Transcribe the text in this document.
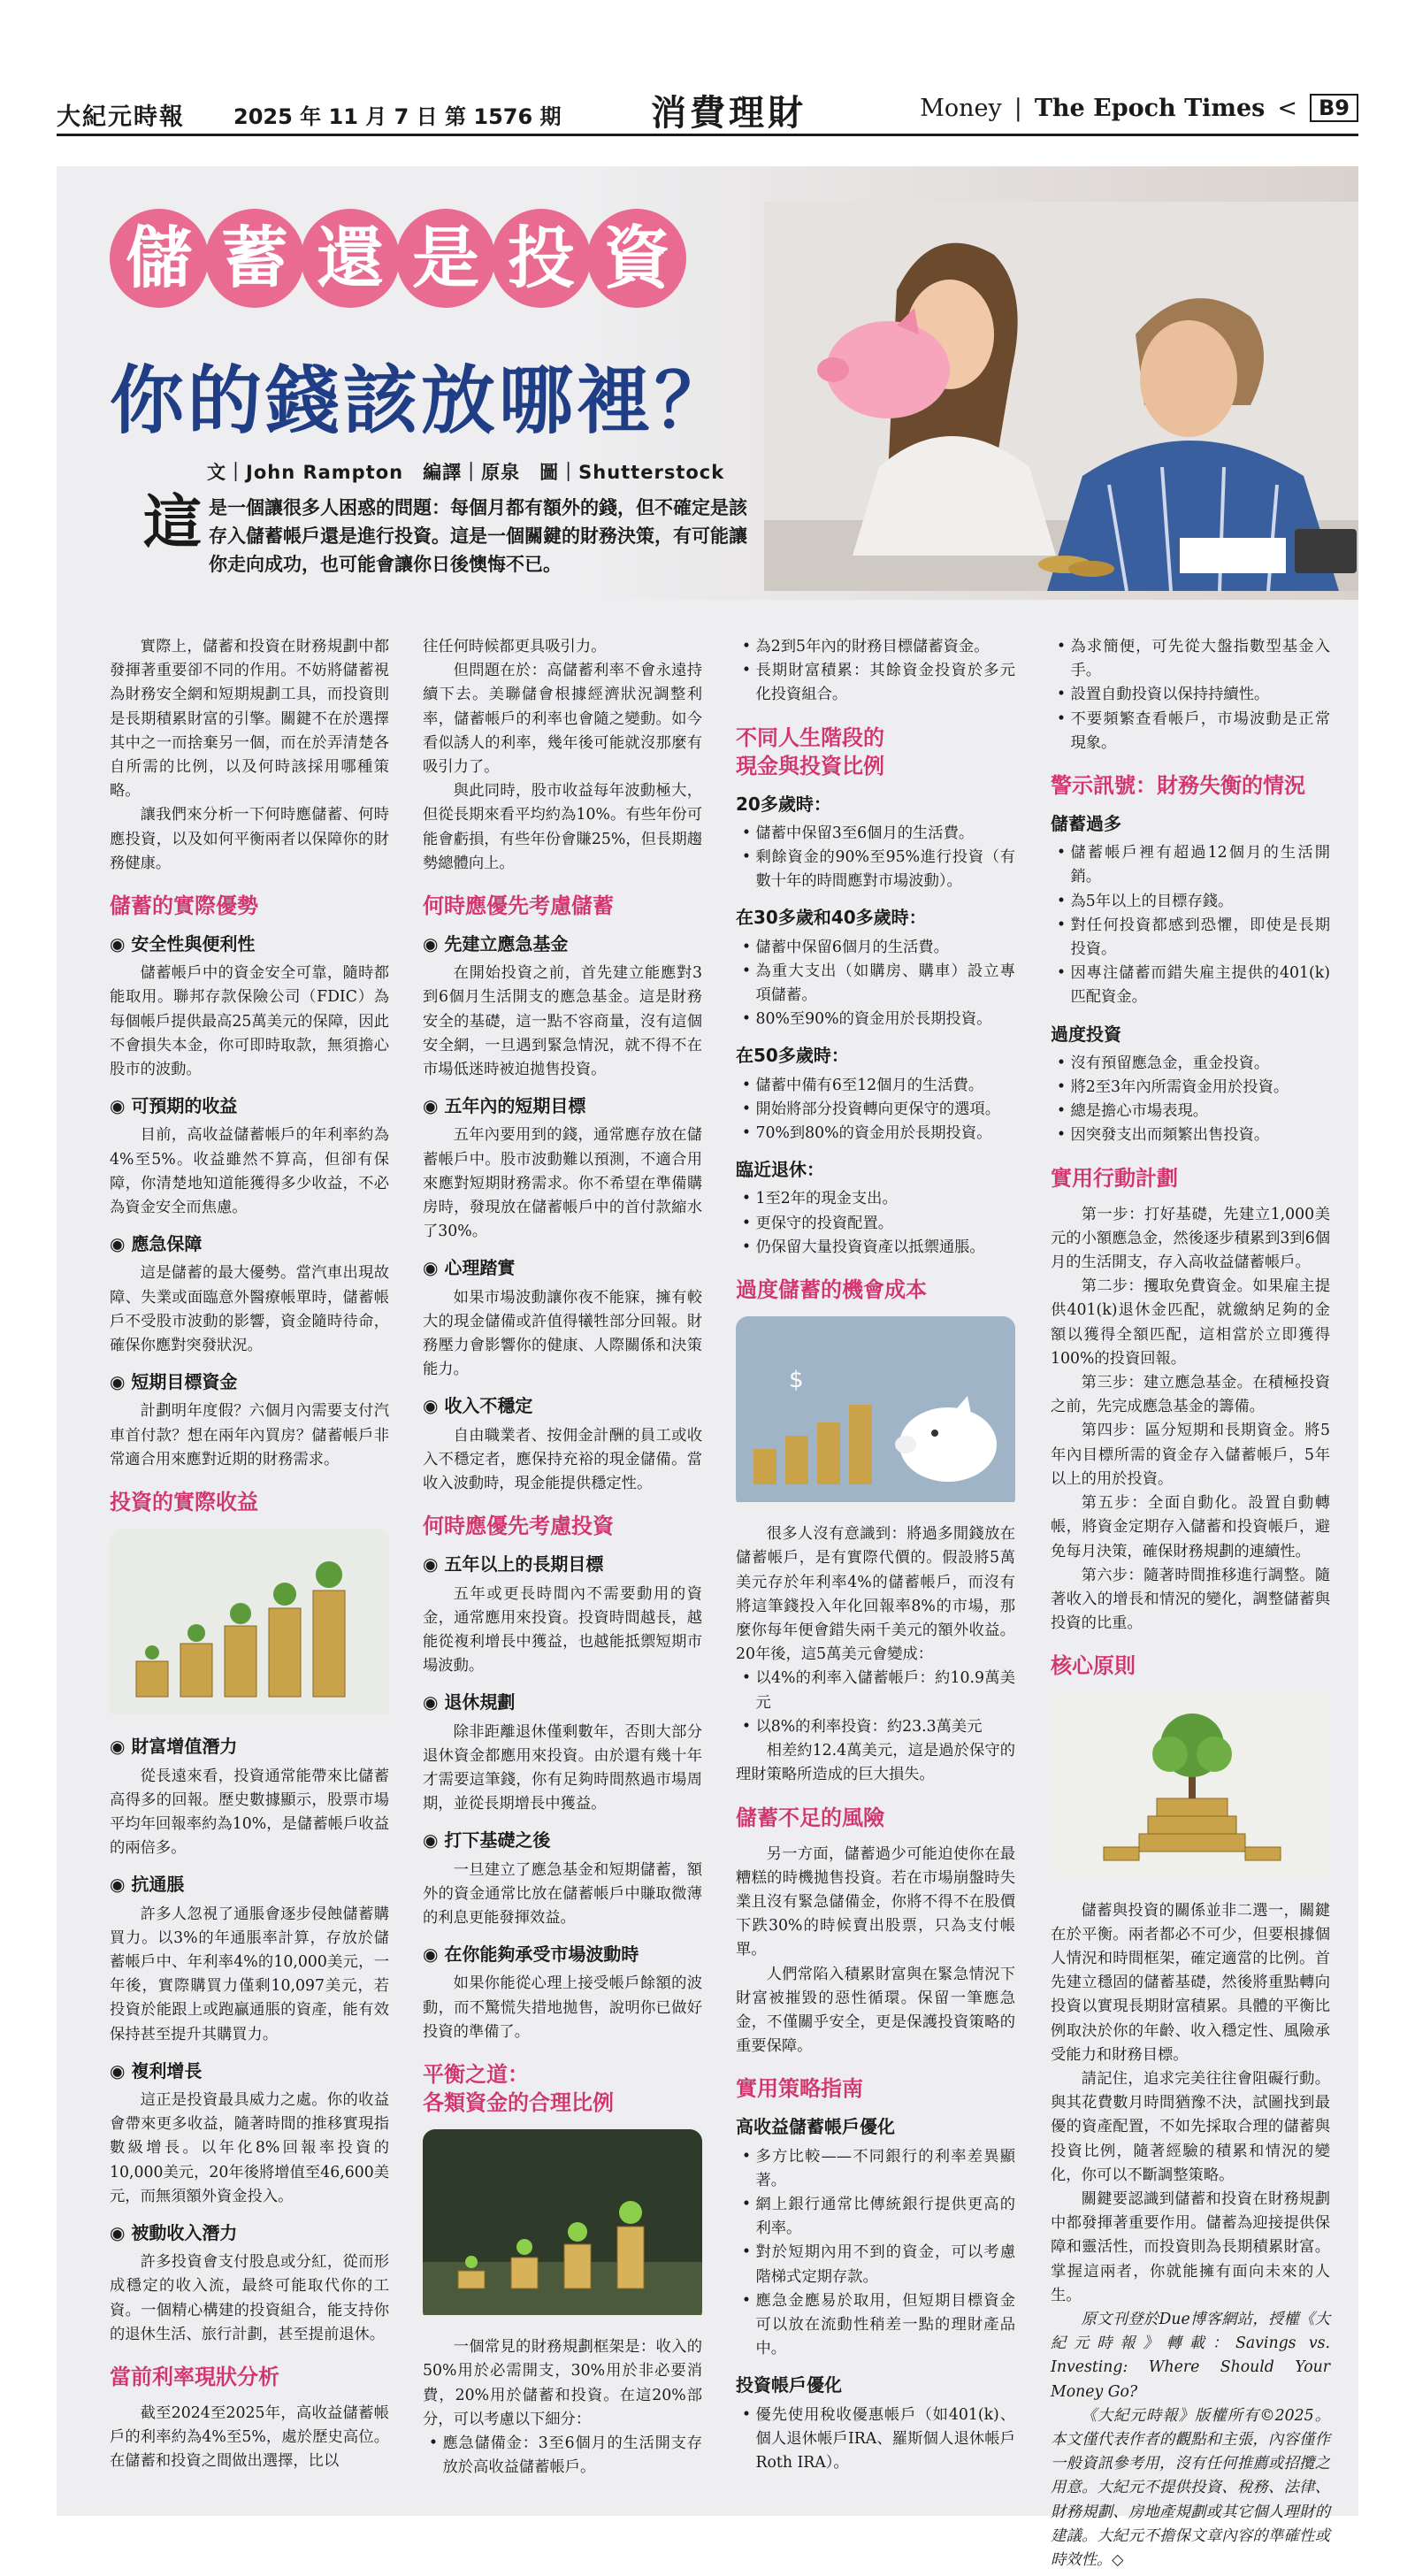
大紀元時報 2025 年 11 月 7 日 第 1576 期	消費理財	Money | The Epoch Times <	B9
儲 蓄 還 是 投 資
你的錢該放哪裡？
文｜John Rampton　編譯｜原泉　圖｜Shutterstock
這是一個讓很多人困惑的問題：每個月都有額外的錢，但不確定是該存入儲蓄帳戶還是進行投資。這是一個關鍵的財務決策，有可能讓你走向成功，也可能會讓你日後懊悔不已。

實際上，儲蓄和投資在財務規劃中都發揮著重要卻不同的作用。不妨將儲蓄視為財務安全網和短期規劃工具，而投資則是長期積累財富的引擎。關鍵不在於選擇其中之一而捨棄另一個，而在於弄清楚各自所需的比例，以及何時該採用哪種策略。

讓我們來分析一下何時應儲蓄、何時應投資，以及如何平衡兩者以保障你的財務健康。

儲蓄的實際優勢
◉ 安全性與便利性

儲蓄帳戶中的資金安全可靠，隨時都能取用。聯邦存款保險公司（FDIC）為每個帳戶提供最高25萬美元的保障，因此不會損失本金，你可即時取款，無須擔心股市的波動。

◉ 可預期的收益

目前，高收益儲蓄帳戶的年利率約為4%至5%。收益雖然不算高，但卻有保障，你清楚地知道能獲得多少收益，不必為資金安全而焦慮。

◉ 應急保障

這是儲蓄的最大優勢。當汽車出現故障、失業或面臨意外醫療帳單時，儲蓄帳戶不受股市波動的影響，資金隨時待命，確保你應對突發狀況。

◉ 短期目標資金

計劃明年度假？六個月內需要支付汽車首付款？想在兩年內買房？儲蓄帳戶非常適合用來應對近期的財務需求。

投資的實際收益
◉ 財富增值潛力

從長遠來看，投資通常能帶來比儲蓄高得多的回報。歷史數據顯示，股票市場平均年回報率約為10%，是儲蓄帳戶收益的兩倍多。

◉ 抗通脹

許多人忽視了通脹會逐步侵蝕儲蓄購買力。以3%的年通脹率計算，存放於儲蓄帳戶中、年利率4%的10,000美元，一年後，實際購買力僅剩10,097美元，若投資於能跟上或跑贏通脹的資產，能有效保持甚至提升其購買力。

◉ 複利增長

這正是投資最具威力之處。你的收益會帶來更多收益，隨著時間的推移實現指數級增長。以年化8%回報率投資的10,000美元，20年後將增值至46,600美元，而無須額外資金投入。

◉ 被動收入潛力

許多投資會支付股息或分紅，從而形成穩定的收入流，最終可能取代你的工資。一個精心構建的投資組合，能支持你的退休生活、旅行計劃，甚至提前退休。

當前利率現狀分析

截至2024至2025年，高收益儲蓄帳戶的利率約為4%至5%，處於歷史高位。在儲蓄和投資之間做出選擇，比以

往任何時候都更具吸引力。

但問題在於：高儲蓄利率不會永遠持續下去。美聯儲會根據經濟狀況調整利率，儲蓄帳戶的利率也會隨之變動。如今看似誘人的利率，幾年後可能就沒那麼有吸引力了。

與此同時，股市收益每年波動極大，但從長期來看平均約為10%。有些年份可能會虧損，有些年份會賺25%，但長期趨勢總體向上。

何時應優先考慮儲蓄
◉ 先建立應急基金

在開始投資之前，首先建立能應對3到6個月生活開支的應急基金。這是財務安全的基礎，這一點不容商量，沒有這個安全網，一旦遇到緊急情況，就不得不在市場低迷時被迫拋售投資。

◉ 五年內的短期目標

五年內要用到的錢，通常應存放在儲蓄帳戶中。股市波動難以預測，不適合用來應對短期財務需求。你不希望在準備購房時，發現放在儲蓄帳戶中的首付款縮水了30%。

◉ 心理踏實

如果市場波動讓你夜不能寐，擁有較大的現金儲備或許值得犧牲部分回報。財務壓力會影響你的健康、人際關係和決策能力。

◉ 收入不穩定

自由職業者、按佣金計酬的員工或收入不穩定者，應保持充裕的現金儲備。當收入波動時，現金能提供穩定性。

何時應優先考慮投資
◉ 五年以上的長期目標

五年或更長時間內不需要動用的資金，通常應用來投資。投資時間越長，越能從複利增長中獲益，也越能抵禦短期市場波動。

◉ 退休規劃

除非距離退休僅剩數年，否則大部分退休資金都應用來投資。由於還有幾十年才需要這筆錢，你有足夠時間熬過市場周期，並從長期增長中獲益。

◉ 打下基礎之後

一旦建立了應急基金和短期儲蓄，額外的資金通常比放在儲蓄帳戶中賺取微薄的利息更能發揮效益。

◉ 在你能夠承受市場波動時

如果你能從心理上接受帳戶餘額的波動，而不驚慌失措地拋售，說明你已做好投資的準備了。

平衡之道：
各類資金的合理比例

一個常見的財務規劃框架是：收入的50%用於必需開支，30%用於非必要消費，20%用於儲蓄和投資。在這20%部分，可以考慮以下細分：

• 應急儲備金：3至6個月的生活開支存放於高收益儲蓄帳戶。
• 為2到5年內的財務目標儲蓄資金。
• 長期財富積累：其餘資金投資於多元化投資組合。
不同人生階段的
現金與投資比例
20多歲時：
• 儲蓄中保留3至6個月的生活費。
• 剩餘資金的90%至95%進行投資（有數十年的時間應對市場波動）。
在30多歲和40多歲時：
• 儲蓄中保留6個月的生活費。
• 為重大支出（如購房、購車）設立專項儲蓄。
• 80%至90%的資金用於長期投資。
在50多歲時：
• 儲蓄中備有6至12個月的生活費。
• 開始將部分投資轉向更保守的選項。
• 70%到80%的資金用於長期投資。
臨近退休：
• 1至2年的現金支出。
• 更保守的投資配置。
• 仍保留大量投資資產以抵禦通脹。
過度儲蓄的機會成本
$

很多人沒有意識到：將過多閒錢放在儲蓄帳戶，是有實際代價的。假設將5萬美元存於年利率4%的儲蓄帳戶，而沒有將這筆錢投入年化回報率8%的市場，那麼你每年便會錯失兩千美元的額外收益。20年後，這5萬美元會變成：

• 以4%的利率入儲蓄帳戶：約10.9萬美元
• 以8%的利率投資：約23.3萬美元

相差約12.4萬美元，這是過於保守的理財策略所造成的巨大損失。

儲蓄不足的風險

另一方面，儲蓄過少可能迫使你在最糟糕的時機拋售投資。若在市場崩盤時失業且沒有緊急儲備金，你將不得不在股價下跌30%的時候賣出股票，只為支付帳單。

人們常陷入積累財富與在緊急情況下財富被摧毀的惡性循環。保留一筆應急金，不僅關乎安全，更是保護投資策略的重要保障。

實用策略指南
高收益儲蓄帳戶優化
• 多方比較——不同銀行的利率差異顯著。
• 網上銀行通常比傳統銀行提供更高的利率。
• 對於短期內用不到的資金，可以考慮階梯式定期存款。
• 應急金應易於取用，但短期目標資金可以放在流動性稍差一點的理財產品中。
投資帳戶優化
• 優先使用稅收優惠帳戶（如401(k)、個人退休帳戶IRA、羅斯個人退休帳戶Roth IRA）。
• 為求簡便，可先從大盤指數型基金入手。
• 設置自動投資以保持持續性。
• 不要頻繁查看帳戶，市場波動是正常現象。
警示訊號：財務失衡的情況
儲蓄過多
• 儲蓄帳戶裡有超過12個月的生活開銷。
• 為5年以上的目標存錢。
• 對任何投資都感到恐懼，即使是長期投資。
• 因專注儲蓄而錯失雇主提供的401(k)匹配資金。
過度投資
• 沒有預留應急金，重金投資。
• 將2至3年內所需資金用於投資。
• 總是擔心市場表現。
• 因突發支出而頻繁出售投資。
實用行動計劃

第一步：打好基礎，先建立1,000美元的小額應急金，然後逐步積累到3到6個月的生活開支，存入高收益儲蓄帳戶。

第二步：攫取免費資金。如果雇主提供401(k)退休金匹配，就繳納足夠的金額以獲得全額匹配，這相當於立即獲得100%的投資回報。

第三步：建立應急基金。在積極投資之前，先完成應急基金的籌備。

第四步：區分短期和長期資金。將5年內目標所需的資金存入儲蓄帳戶，5年以上的用於投資。

第五步：全面自動化。設置自動轉帳，將資金定期存入儲蓄和投資帳戶，避免每月決策，確保財務規劃的連續性。

第六步：隨著時間推移進行調整。隨著收入的增長和情況的變化，調整儲蓄與投資的比重。

核心原則

儲蓄與投資的關係並非二選一，關鍵在於平衡。兩者都必不可少，但要根據個人情況和時間框架，確定適當的比例。首先建立穩固的儲蓄基礎，然後將重點轉向投資以實現長期財富積累。具體的平衡比例取決於你的年齡、收入穩定性、風險承受能力和財務目標。

請記住，追求完美往往會阻礙行動。與其花費數月時間猶豫不決，試圖找到最優的資產配置，不如先採取合理的儲蓄與投資比例，隨著經驗的積累和情況的變化，你可以不斷調整策略。

關鍵要認識到儲蓄和投資在財務規劃中都發揮著重要作用。儲蓄為迎接提供保障和靈活性，而投資則為長期積累財富。掌握這兩者，你就能擁有面向未來的人生。

原文刊登於Due博客網站，授權《大紀元時報》轉載：Savings vs. Investing: Where Should Your Money Go?

《大紀元時報》版權所有©2025。本文僅代表作者的觀點和主張，內容僅作一般資訊參考用，沒有任何推薦或招攬之用意。大紀元不提供投資、稅務、法律、財務規劃、房地產規劃或其它個人理財的建議。大紀元不擔保文章內容的準確性或時效性。◇
